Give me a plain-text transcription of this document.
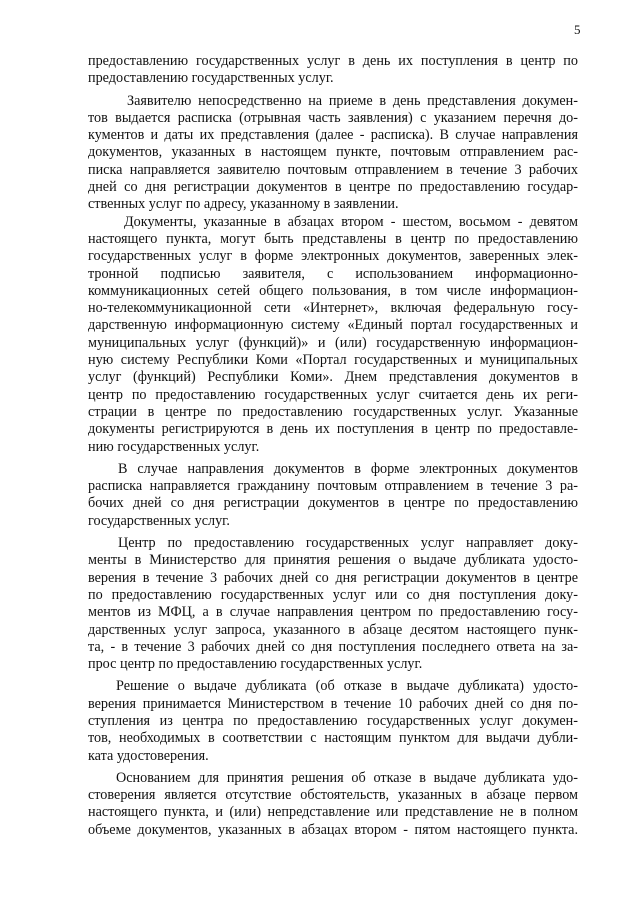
5
предоставлению государственных услуг в день их поступления в центр по
предоставлению государственных услуг.
Заявителю непосредственно на приеме в день представления докумен-
тов выдается расписка (отрывная часть заявления) с указанием перечня до-
кументов и даты их представления (далее - расписка). В случае направления
документов, указанных в настоящем пункте, почтовым отправлением рас-
писка направляется заявителю почтовым отправлением в течение 3 рабочих
дней со дня регистрации документов в центре по предоставлению государ-
ственных услуг по адресу, указанному в заявлении.
Документы, указанные в абзацах втором - шестом, восьмом - девятом
настоящего пункта, могут быть представлены в центр по предоставлению
государственных услуг в форме электронных документов, заверенных элек-
тронной подписью заявителя, с использованием информационно-
коммуникационных сетей общего пользования, в том числе информацион-
но-телекоммуникационной сети «Интернет», включая федеральную госу-
дарственную информационную систему «Единый портал государственных и
муниципальных услуг (функций)» и (или) государственную информацион-
ную систему Республики Коми «Портал государственных и муниципальных
услуг (функций) Республики Коми». Днем представления документов в
центр по предоставлению государственных услуг считается день их реги-
страции в центре по предоставлению государственных услуг. Указанные
документы регистрируются в день их поступления в центр по предоставле-
нию государственных услуг.
В случае направления документов в форме электронных документов
расписка направляется гражданину почтовым отправлением в течение 3 ра-
бочих дней со дня регистрации документов в центре по предоставлению
государственных услуг.
Центр по предоставлению государственных услуг направляет доку-
менты в Министерство для принятия решения о выдаче дубликата удосто-
верения в течение 3 рабочих дней со дня регистрации документов в центре
по предоставлению государственных услуг или со дня поступления доку-
ментов из МФЦ, а в случае направления центром по предоставлению госу-
дарственных услуг запроса, указанного в абзаце десятом настоящего пунк-
та, - в течение 3 рабочих дней со дня поступления последнего ответа на за-
прос центр по предоставлению государственных услуг.
Решение о выдаче дубликата (об отказе в выдаче дубликата) удосто-
верения принимается Министерством в течение 10 рабочих дней со дня по-
ступления из центра по предоставлению государственных услуг докумен-
тов, необходимых в соответствии с настоящим пунктом для выдачи дубли-
ката удостоверения.
Основанием для принятия решения об отказе в выдаче дубликата удо-
стоверения является отсутствие обстоятельств, указанных в абзаце первом
настоящего пункта, и (или) непредставление или представление не в полном
объеме документов, указанных в абзацах втором - пятом настоящего пункта.
